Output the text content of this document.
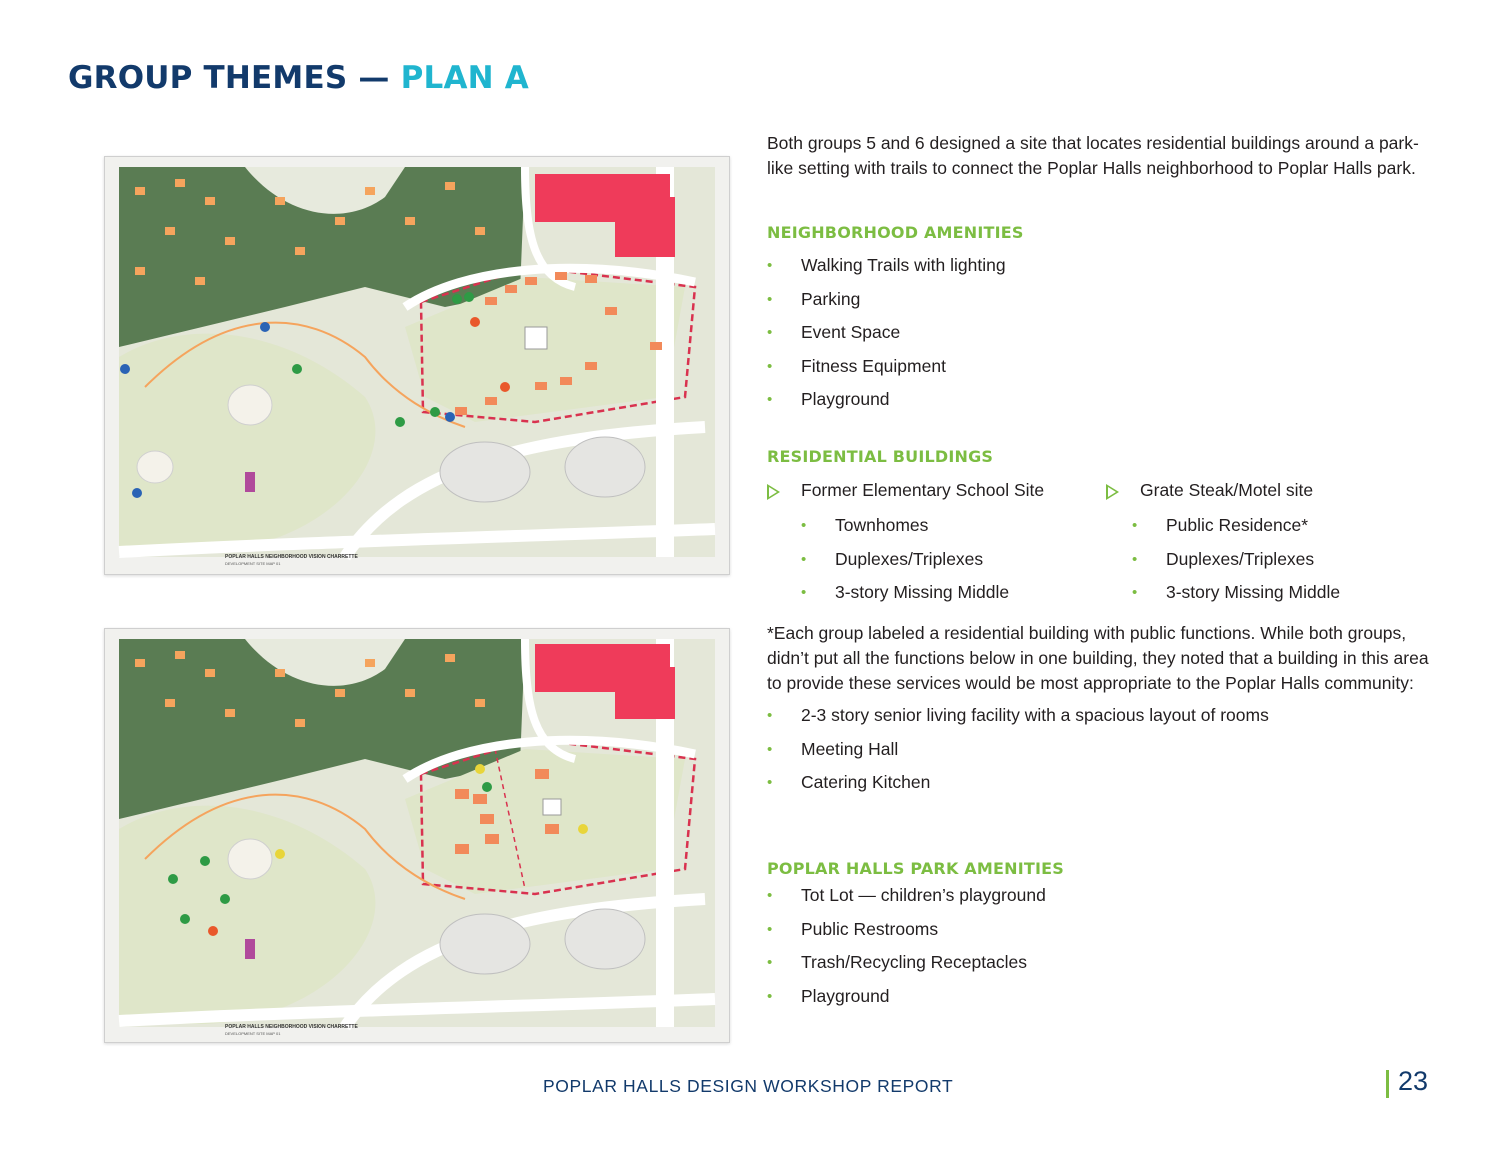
GROUP THEMES — PLAN A
POPLAR HALLS NEIGHBORHOOD VISION CHARRETTE
DEVELOPMENT SITE MAP 01
POPLAR HALLS NEIGHBORHOOD VISION CHARRETTE
DEVELOPMENT SITE MAP 01

Both groups 5 and 6 designed a site that locates residential buildings around a park-like setting with trails to connect the Poplar Halls neighborhood to Poplar Halls park.

NEIGHBORHOOD AMENITIES
• Walking Trails with lighting
• Parking
• Event Space
• Fitness Equipment
• Playground
RESIDENTIAL BUILDINGS
Former Elementary School Site
• Townhomes
• Duplexes/Triplexes
• 3-story Missing Middle
Grate Steak/Motel site
• Public Residence*
• Duplexes/Triplexes
• 3-story Missing Middle

*Each group labeled a residential building with public functions. While both groups, didn’t put all the functions below in one building, they noted that a building in this area to provide these services would be most appropriate to the Poplar Halls community:

• 2-3 story senior living facility with a spacious layout of rooms
• Meeting Hall
• Catering Kitchen
POPLAR HALLS PARK AMENITIES
• Tot Lot — children’s playground
• Public Restrooms
• Trash/Recycling Receptacles
• Playground
POPLAR HALLS DESIGN WORKSHOP REPORT	23
